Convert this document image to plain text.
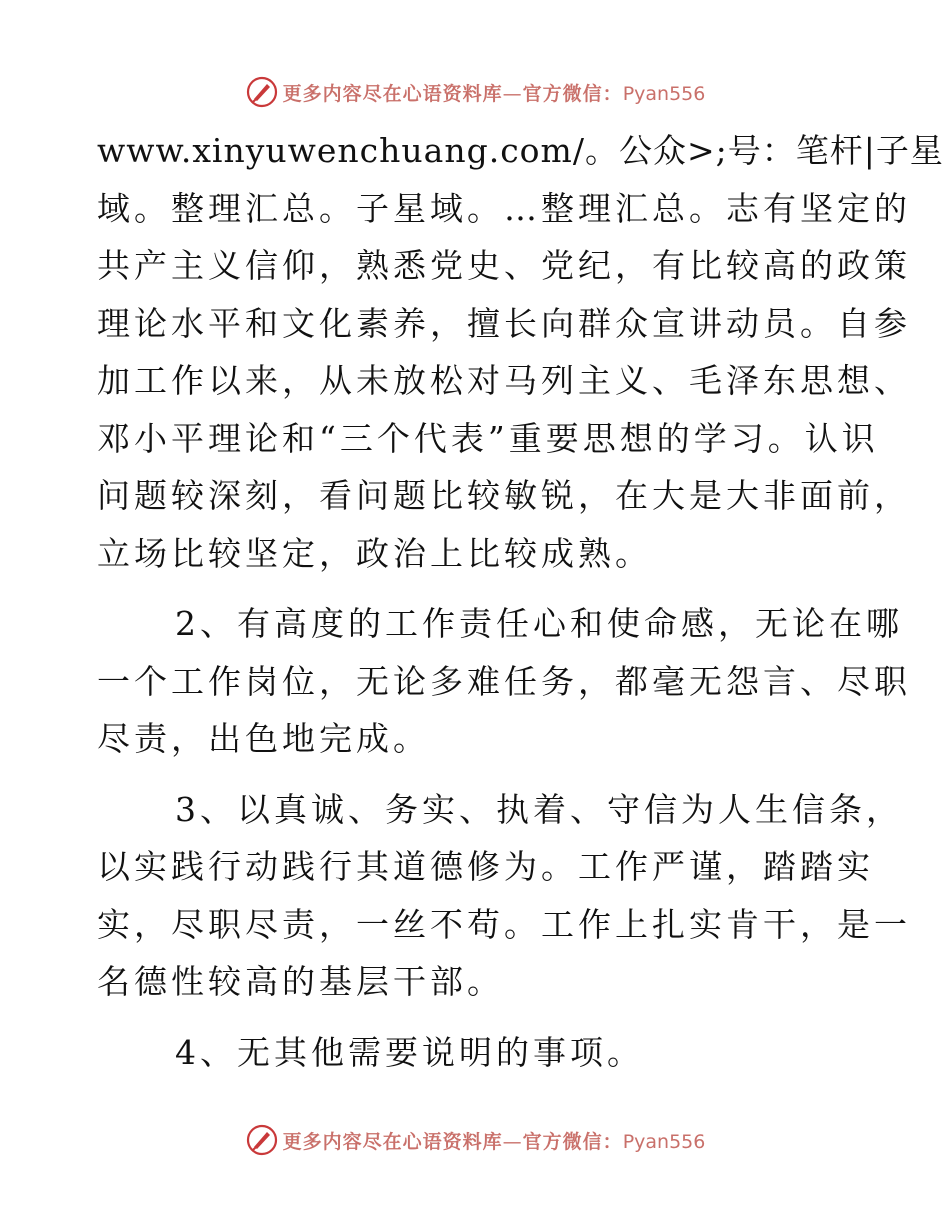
更多内容尽在心语资料库—官方微信：Pyan556

www.xinyuwenchuang.com/。公众>;号：笔杆|子星
域。整理汇总。子星域。…整理汇总。志有坚定的
共产主义信仰，熟悉党史、党纪，有比较高的政策
理论水平和文化素养，擅长向群众宣讲动员。自参
加工作以来，从未放松对马列主义、毛泽东思想、
邓小平理论和“三个代表”重要思想的学习。认识
问题较深刻，看问题比较敏锐，在大是大非面前，
立场比较坚定，政治上比较成熟。

2、有高度的工作责任心和使命感，无论在哪
一个工作岗位，无论多难任务，都毫无怨言、尽职
尽责，出色地完成。

3、以真诚、务实、执着、守信为人生信条，
以实践行动践行其道德修为。工作严谨，踏踏实
实，尽职尽责，一丝不苟。工作上扎实肯干，是一
名德性较高的基层干部。

4、无其他需要说明的事项。

更多内容尽在心语资料库—官方微信：Pyan556
